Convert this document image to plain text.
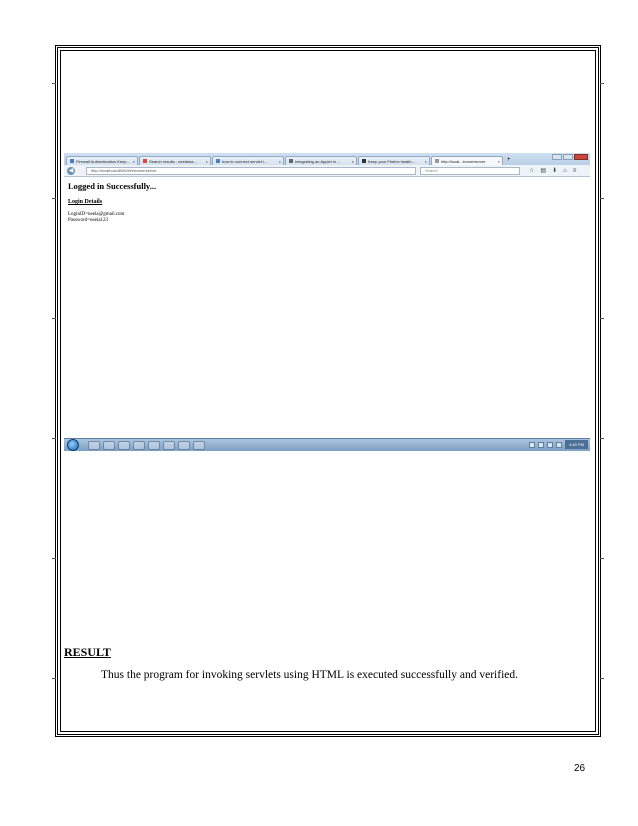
Firewall Authentication Keep... ×	Search results - neelarsa... ×	how to connect servlet i...	×	Integrating an Applet in ...	×	Keep your Firefox health... ×	http://local...icome/server	×	+
◀	http://localhost:8080/Welcome/server	Search	☆ ▤ ⬇ ⌂ ≡

Logged in Successfully...

Login Details

LoginID=neela@gmail.com

Password=neela123

4:40 PM

RESULT

Thus the program for invoking servlets using HTML is executed successfully and verified.

26
